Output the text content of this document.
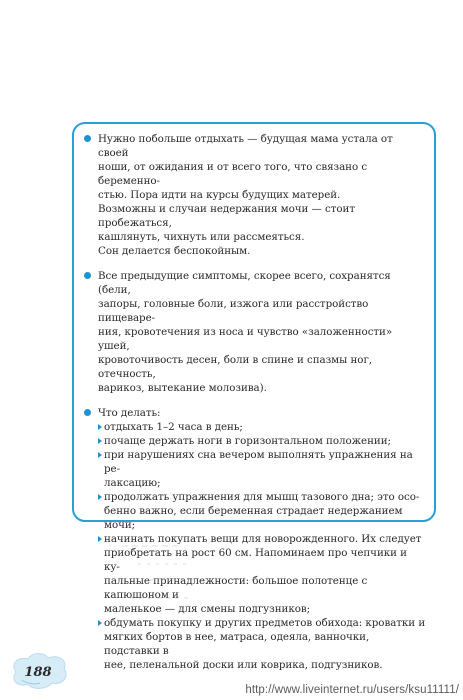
Нужно побольше отдыхать — будущая мама устала от своей
ноши, от ожидания и от всего того, что связано с беременно-
стью. Пора идти на курсы будущих матерей.
Возможны и случаи недержания мочи — стоит пробежаться,
кашлянуть, чихнуть или рассмеяться.
Сон делается беспокойным.
Все предыдущие симптомы, скорее всего, сохранятся (бели,
запоры, головные боли, изжога или расстройство пищеваре-
ния, кровотечения из носа и чувство «заложенности» ушей,
кровоточивость десен, боли в спине и спазмы ног, отечность,
варикоз, вытекание молозива).
Что делать:
отдыхать 1–2 часа в день;
почаще держать ноги в горизонтальном положении;
при нарушениях сна вечером выполнять упражнения на ре-
лаксацию;
продолжать упражнения для мышц тазового дна; это осо-
бенно важно, если беременная страдает недержанием мочи;
начинать покупать вещи для новорожденного. Их следует
приобретать на рост 60 см. Напоминаем про чепчики и ку-
пальные принадлежности: большое полотенце с капюшоном и
маленькое — для смены подгузников;
обдумать покупку и других предметов обихода: кроватки и
мягких бортов в нее, матраса, одеяла, ванночки, подставки в
нее, пеленальной доски или коврика, подгузников.
188
http://www.liveinternet.ru/users/ksu11111/
